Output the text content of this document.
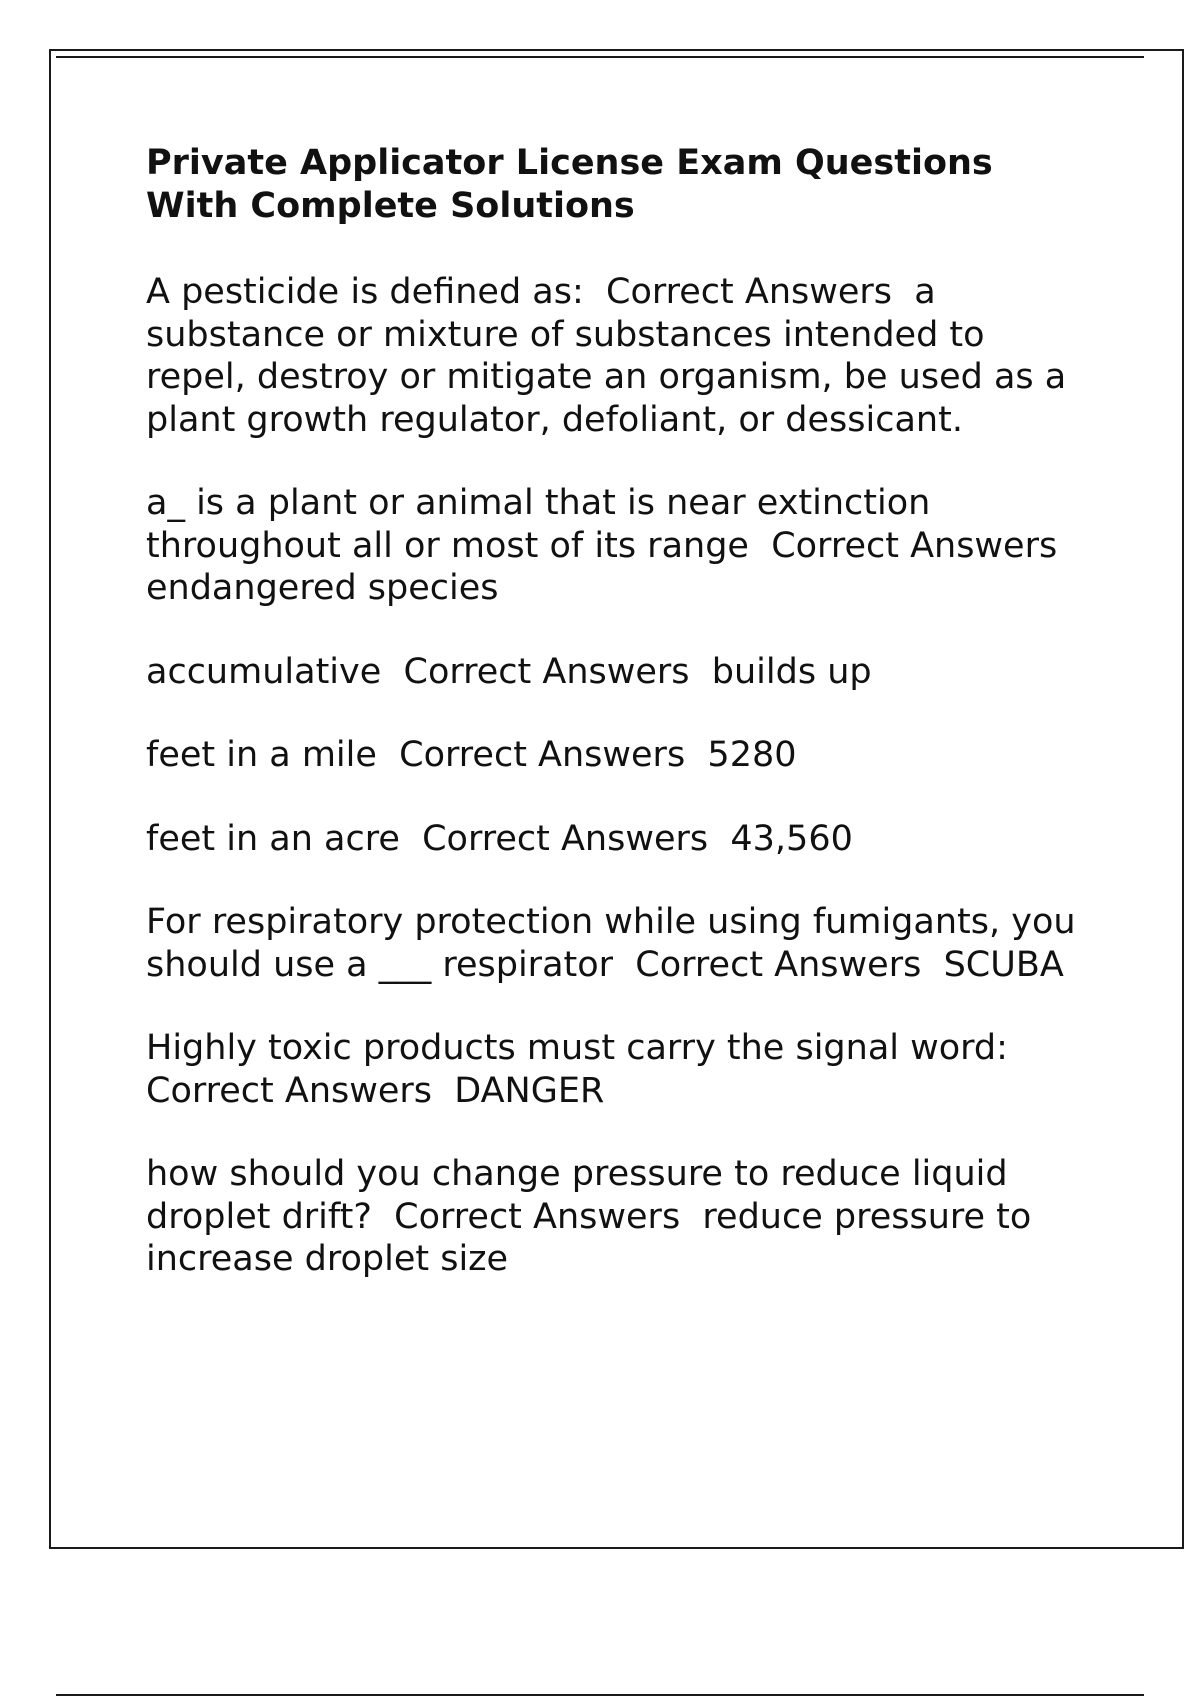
Private Applicator License Exam Questions With Complete Solutions
A pesticide is defined as:  Correct Answers  a substance or mixture of substances intended to repel, destroy or mitigate an organism, be used as a plant growth regulator, defoliant, or dessicant.
a_ is a plant or animal that is near extinction throughout all or most of its range  Correct Answers  endangered species
accumulative  Correct Answers  builds up
feet in a mile  Correct Answers  5280
feet in an acre  Correct Answers  43,560
For respiratory protection while using fumigants, you should use a ___ respirator  Correct Answers  SCUBA
Highly toxic products must carry the signal word:  Correct Answers  DANGER
how should you change pressure to reduce liquid droplet drift?  Correct Answers  reduce pressure to increase droplet size
